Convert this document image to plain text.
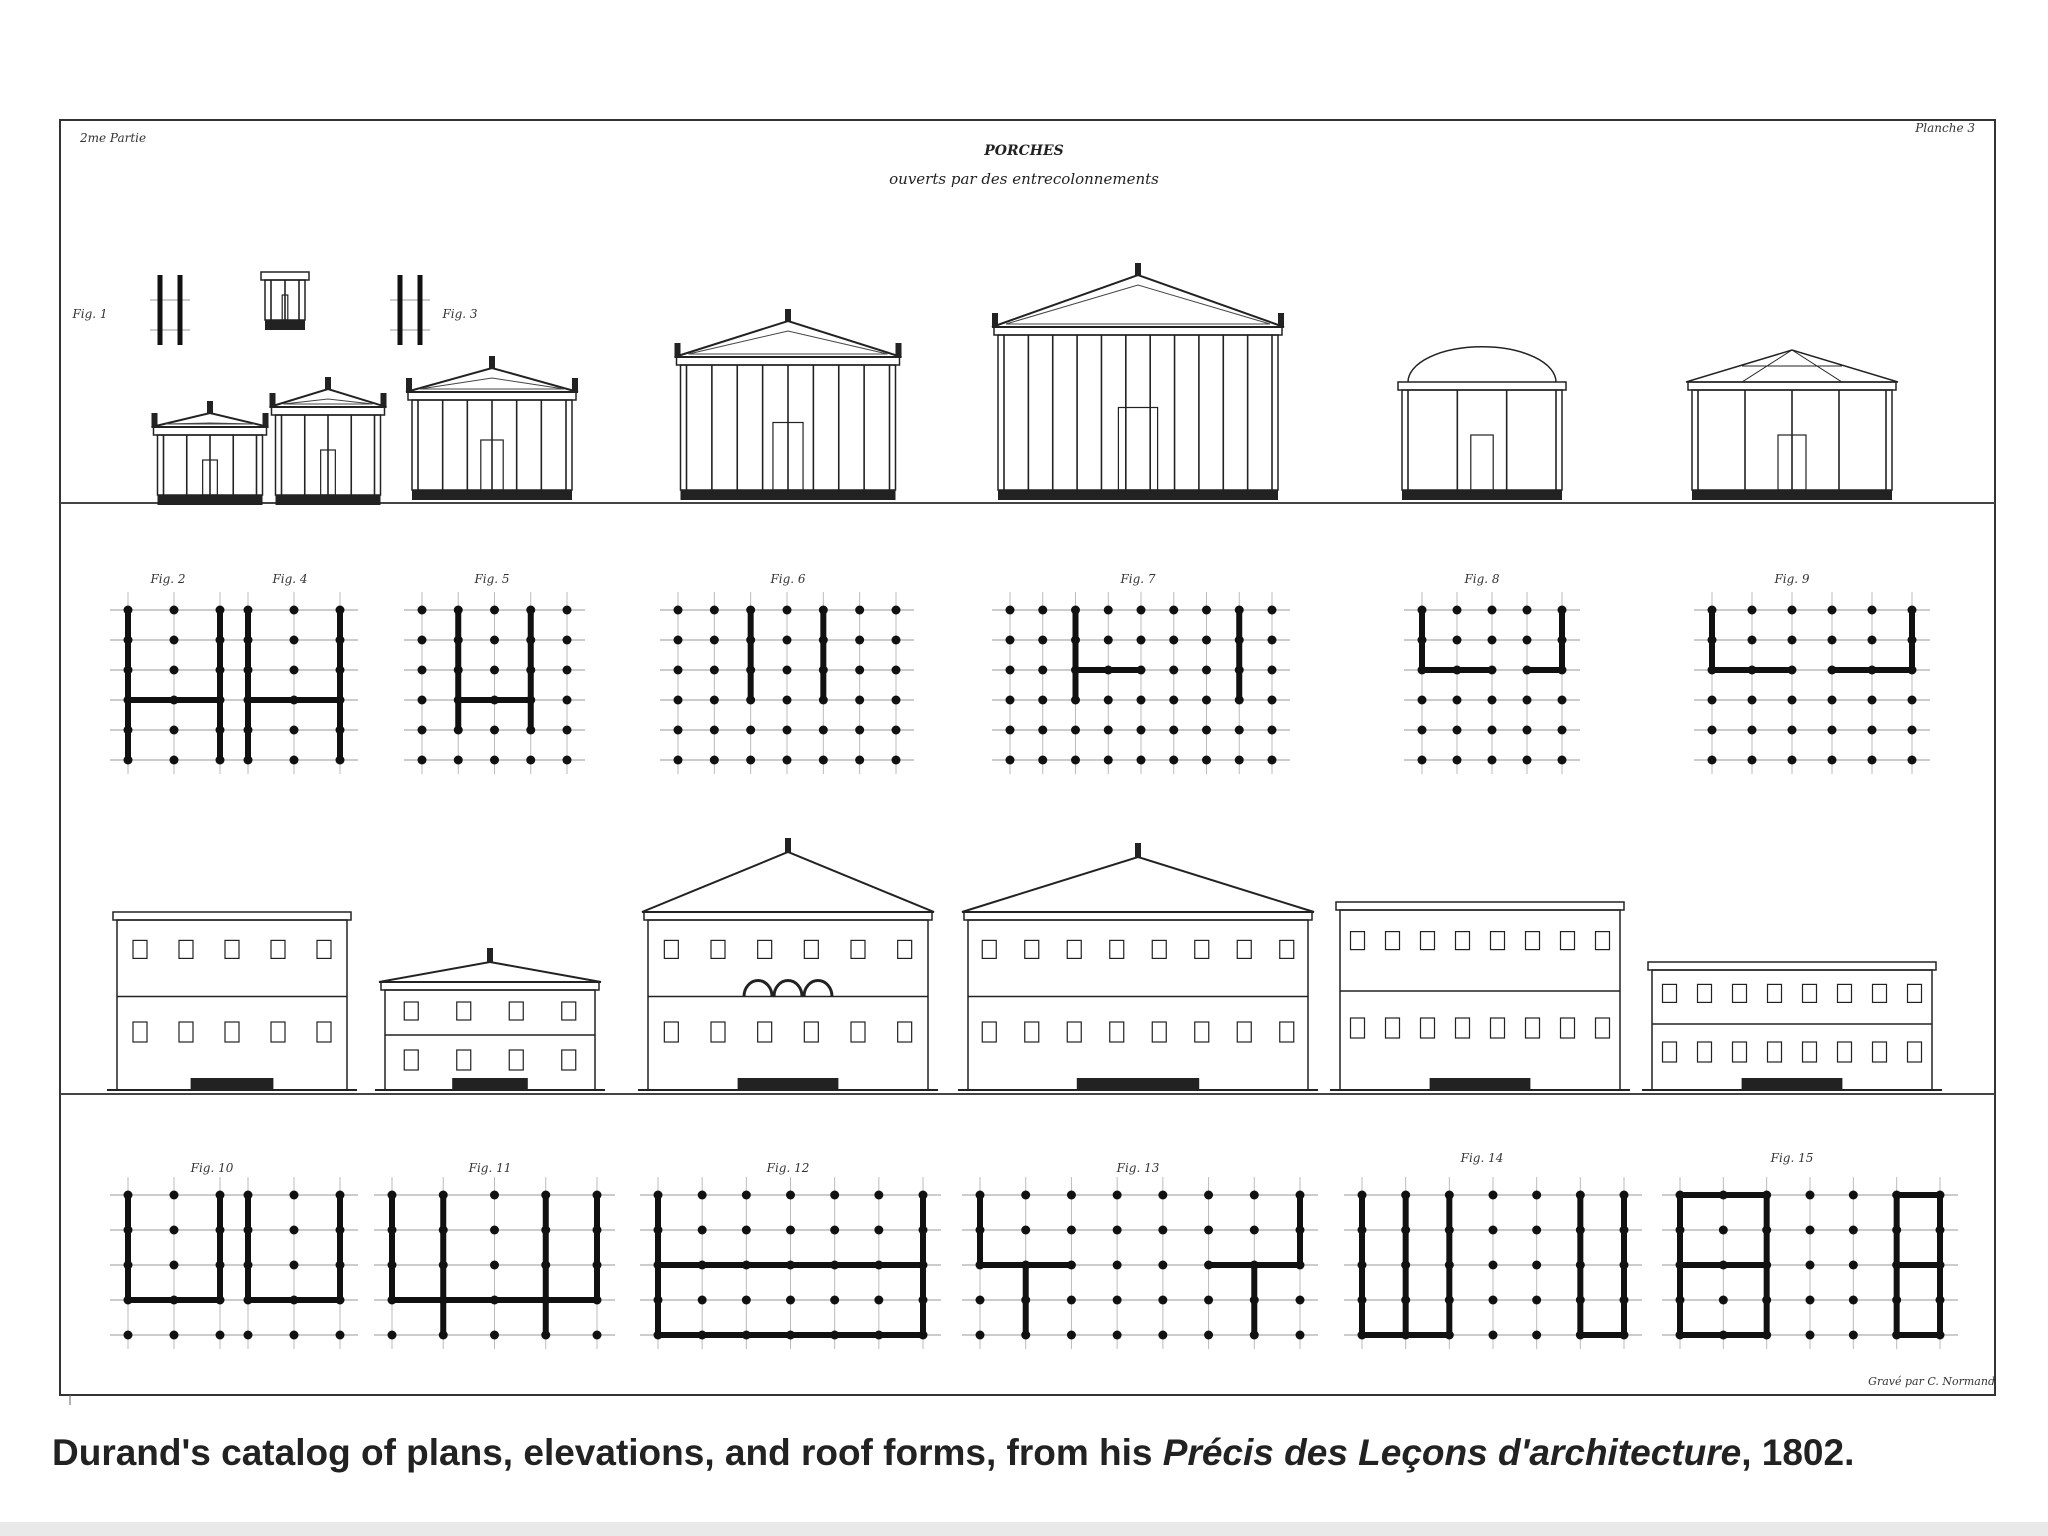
2me Partie
Planche 3
PORCHES
ouverts par des entrecolonnements
Gravé par C. Normand
Fig. 1
Fig. 2
Fig. 3
Fig. 4	Fig. 5	Fig. 6	Fig. 7	Fig. 8	Fig. 9
Fig. 10	Fig. 11	Fig. 12	Fig. 13
Fig. 14	Fig. 15
Durand's catalog of plans, elevations, and roof forms, from his Précis des Leçons d'architecture, 1802.
